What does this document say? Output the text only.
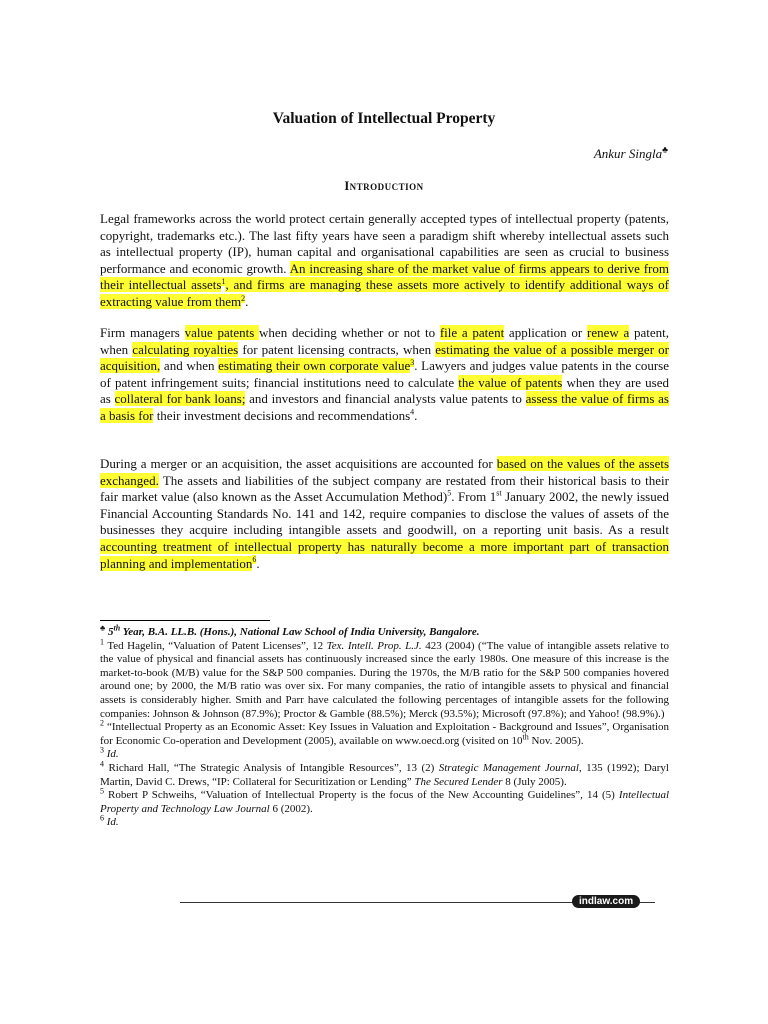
Valuation of Intellectual Property
Ankur Singla♣
Introduction

Legal frameworks across the world protect certain generally accepted types of intellectual property (patents, copyright, trademarks etc.). The last fifty years have seen a paradigm shift whereby intellectual assets such as intellectual property (IP), human capital and organisational capabilities are seen as crucial to business performance and economic growth. An increasing share of the market value of firms appears to derive from their intellectual assets$^1$, and firms are managing these assets more actively to identify additional ways of extracting value from them$^2$.

Firm managers value patents when deciding whether or not to file a patent application or renew a patent, when calculating royalties for patent licensing contracts, when estimating the value of a possible merger or acquisition, and when estimating their own corporate value$^3$. Lawyers and judges value patents in the course of patent infringement suits; financial institutions need to calculate the value of patents when they are used as collateral for bank loans; and investors and financial analysts value patents to assess the value of firms as a basis for their investment decisions and recommendations$^4$.

During a merger or an acquisition, the asset acquisitions are accounted for based on the values of the assets exchanged. The assets and liabilities of the subject company are restated from their historical basis to their fair market value (also known as the Asset Accumulation Method)$^5$. From 1st January 2002, the newly issued Financial Accounting Standards No. 141 and 142, require companies to disclose the values of assets of the businesses they acquire including intangible assets and goodwill, on a reporting unit basis. As a result accounting treatment of intellectual property has naturally become a more important part of transaction planning and implementation$^6$.

♣ 5th Year, B.A. LL.B. (Hons.), National Law School of India University, Bangalore.

$^1$ Ted Hagelin, “Valuation of Patent Licenses”, 12 Tex. Intell. Prop. L.J. 423 (2004) (“The value of intangible assets relative to the value of physical and financial assets has continuously increased since the early 1980s. One measure of this increase is the market-to-book (M/B) value for the S&P 500 companies. During the 1970s, the M/B ratio for the S&P 500 companies hovered around one; by 2000, the M/B ratio was over six. For many companies, the ratio of intangible assets to physical and financial assets is considerably higher. Smith and Parr have calculated the following percentages of intangible assets for the following companies: Johnson & Johnson (87.9%); Proctor & Gamble (88.5%); Merck (93.5%); Microsoft (97.8%); and Yahoo! (98.9%).)

$^2$ “Intellectual Property as an Economic Asset: Key Issues in Valuation and Exploitation - Background and Issues”, Organisation for Economic Co-operation and Development (2005), available on www.oecd.org (visited on 10th Nov. 2005).

$^3$ Id.

$^4$ Richard Hall, “The Strategic Analysis of Intangible Resources”, 13 (2) Strategic Management Journal, 135 (1992); Daryl Martin, David C. Drews, “IP: Collateral for Securitization or Lending” The Secured Lender 8 (July 2005).

$^5$ Robert P Schweihs, “Valuation of Intellectual Property is the focus of the New Accounting Guidelines”, 14 (5) Intellectual Property and Technology Law Journal 6 (2002).

$^6$ Id.

indlaw.com
